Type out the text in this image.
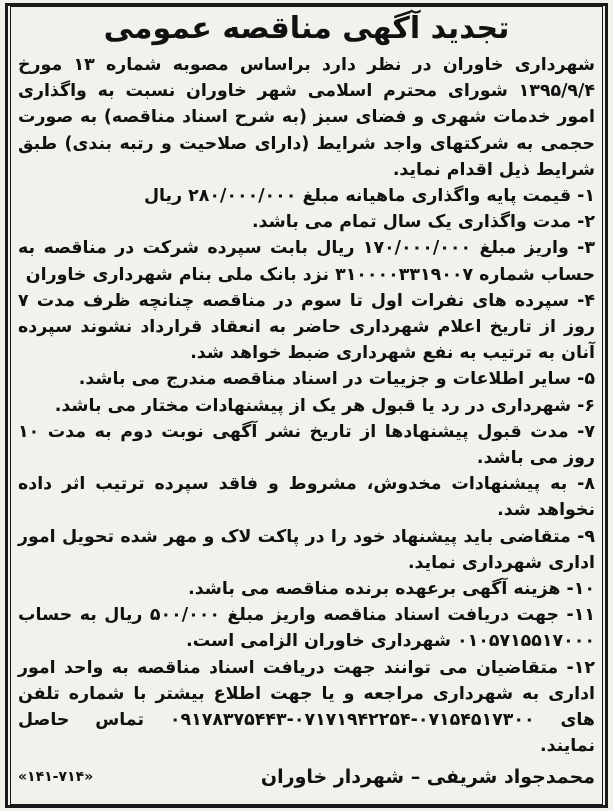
تجدید آگهی مناقصه عمومی

شهرداری خاوران در نظر دارد براساس مصوبه شماره ۱۳ مورخ ۱۳۹۵/۹/۴ شورای محترم اسلامی شهر خاوران نسبت به واگذاری امور خدمات شهری و فضای سبز (به شرح اسناد مناقصه) به صورت حجمی به شرکتهای واجد شرایط (دارای صلاحیت و رتبه بندی) طبق شرایط ذیل اقدام نماید.

۱- قیمت پایه واگذاری ماهیانه مبلغ ۲۸۰/۰۰۰/۰۰۰ ریال

۲- مدت واگذاری یک سال تمام می باشد.

۳- واریز مبلغ ۱۷۰/۰۰۰/۰۰۰ ریال بابت سپرده شرکت در مناقصه به حساب شماره ۳۱۰۰۰۰۳۳۱۹۰۰۷ نزد بانک ملی بنام شهرداری خاوران

۴- سپرده های نفرات اول تا سوم در مناقصه چنانچه ظرف مدت ۷ روز از تاریخ اعلام شهرداری حاضر به انعقاد قرارداد نشوند سپرده آنان به ترتیب به نفع شهرداری ضبط خواهد شد.

۵- سایر اطلاعات و جزییات در اسناد مناقصه مندرج می باشد.

۶- شهرداری در رد یا قبول هر یک از پیشنهادات مختار می باشد.

۷- مدت قبول پیشنهادها از تاریخ نشر آگهی نوبت دوم به مدت ۱۰ روز می باشد.

۸- به پیشنهادات مخدوش، مشروط و فاقد سپرده ترتیب اثر داده نخواهد شد.

۹- متقاضی باید پیشنهاد خود را در پاکت لاک و مهر شده تحویل امور اداری شهرداری نماید.

۱۰- هزینه آگهی برعهده برنده مناقصه می باشد.

۱۱- جهت دریافت اسناد مناقصه واریز مبلغ ۵۰۰/۰۰۰ ریال به حساب ۰۱۰۵۷۱۵۵۱۷۰۰۰ شهرداری خاوران الزامی است.

۱۲- متقاضیان می توانند جهت دریافت اسناد مناقصه به واحد امور اداری به شهرداری مراجعه و یا جهت اطلاع بیشتر با شماره تلفن های ۰۷۱۵۴۵۱۷۳۰۰-۰۷۱۷۱۹۴۲۲۵۴-۰۹۱۷۸۳۷۵۴۴۳ تماس حاصل نمایند.

محمدجواد شریفی – شهردار خاوران
«۱۴۱-۷۱۴»
